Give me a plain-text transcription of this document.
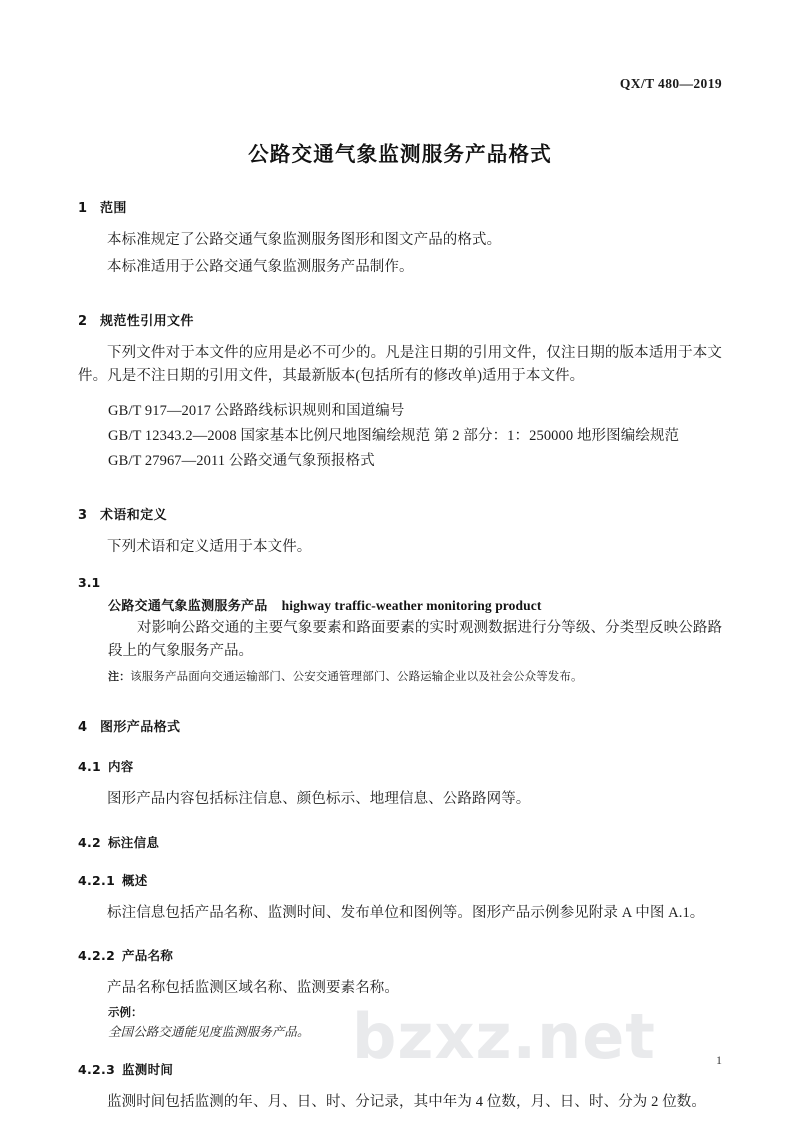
bzxz.net
QX/T 480—2019
公路交通气象监测服务产品格式
1 范围
本标准规定了公路交通气象监测服务图形和图文产品的格式。
本标准适用于公路交通气象监测服务产品制作。
2 规范性引用文件
下列文件对于本文件的应用是必不可少的。凡是注日期的引用文件，仅注日期的版本适用于本文件。凡是不注日期的引用文件，其最新版本(包括所有的修改单)适用于本文件。
GB/T 917—2017 公路路线标识规则和国道编号
GB/T 12343.2—2008 国家基本比例尺地图编绘规范 第 2 部分：1：250000 地形图编绘规范
GB/T 27967—2011 公路交通气象预报格式
3 术语和定义
下列术语和定义适用于本文件。
3.1
公路交通气象监测服务产品 highway traffic-weather monitoring product
对影响公路交通的主要气象要素和路面要素的实时观测数据进行分等级、分类型反映公路路段上的气象服务产品。
注：该服务产品面向交通运输部门、公安交通管理部门、公路运输企业以及社会公众等发布。
4 图形产品格式
4.1 内容
图形产品内容包括标注信息、颜色标示、地理信息、公路路网等。
4.2 标注信息
4.2.1 概述
标注信息包括产品名称、监测时间、发布单位和图例等。图形产品示例参见附录 A 中图 A.1。
4.2.2 产品名称
产品名称包括监测区域名称、监测要素名称。
示例：
全国公路交通能见度监测服务产品。
4.2.3 监测时间
监测时间包括监测的年、月、日、时、分记录，其中年为 4 位数，月、日、时、分为 2 位数。
1
